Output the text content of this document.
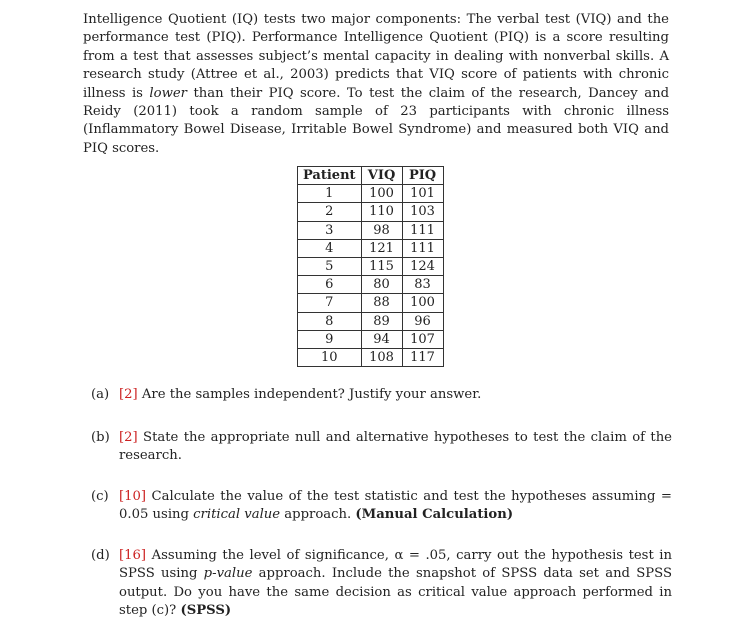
Intelligence Quotient (IQ) tests two major components: The verbal test (VIQ) and the performance test (PIQ). Performance Intelligence Quotient (PIQ) is a score resulting from a test that assesses subject’s mental capacity in dealing with nonverbal skills. A research study (Attree et al., 2003) predicts that VIQ score of patients with chronic illness is lower than their PIQ score. To test the claim of the research, Dancey and Reidy (2011) took a random sample of 23 participants with chronic illness (Inflammatory Bowel Disease, Irritable Bowel Syndrome) and measured both VIQ and PIQ scores.

Patient	VIQ	PIQ
1	100	101
2	110	103
3	98	111
4	121	111
5	115	124
6	80	83
7	88	100
8	89	96
9	94	107
10	108	117
(a) [2] Are the samples independent? Justify your answer.
(b) [2] State the appropriate null and alternative hypotheses to test the claim of the research.
(c) [10] Calculate the value of the test statistic and test the hypotheses assuming = 0.05 using critical value approach. (Manual Calculation)
(d) [16] Assuming the level of significance, α = .05, carry out the hypothesis test in SPSS using p-value approach. Include the snapshot of SPSS data set and SPSS output. Do you have the same decision as critical value approach performed in step (c)? (SPSS)
